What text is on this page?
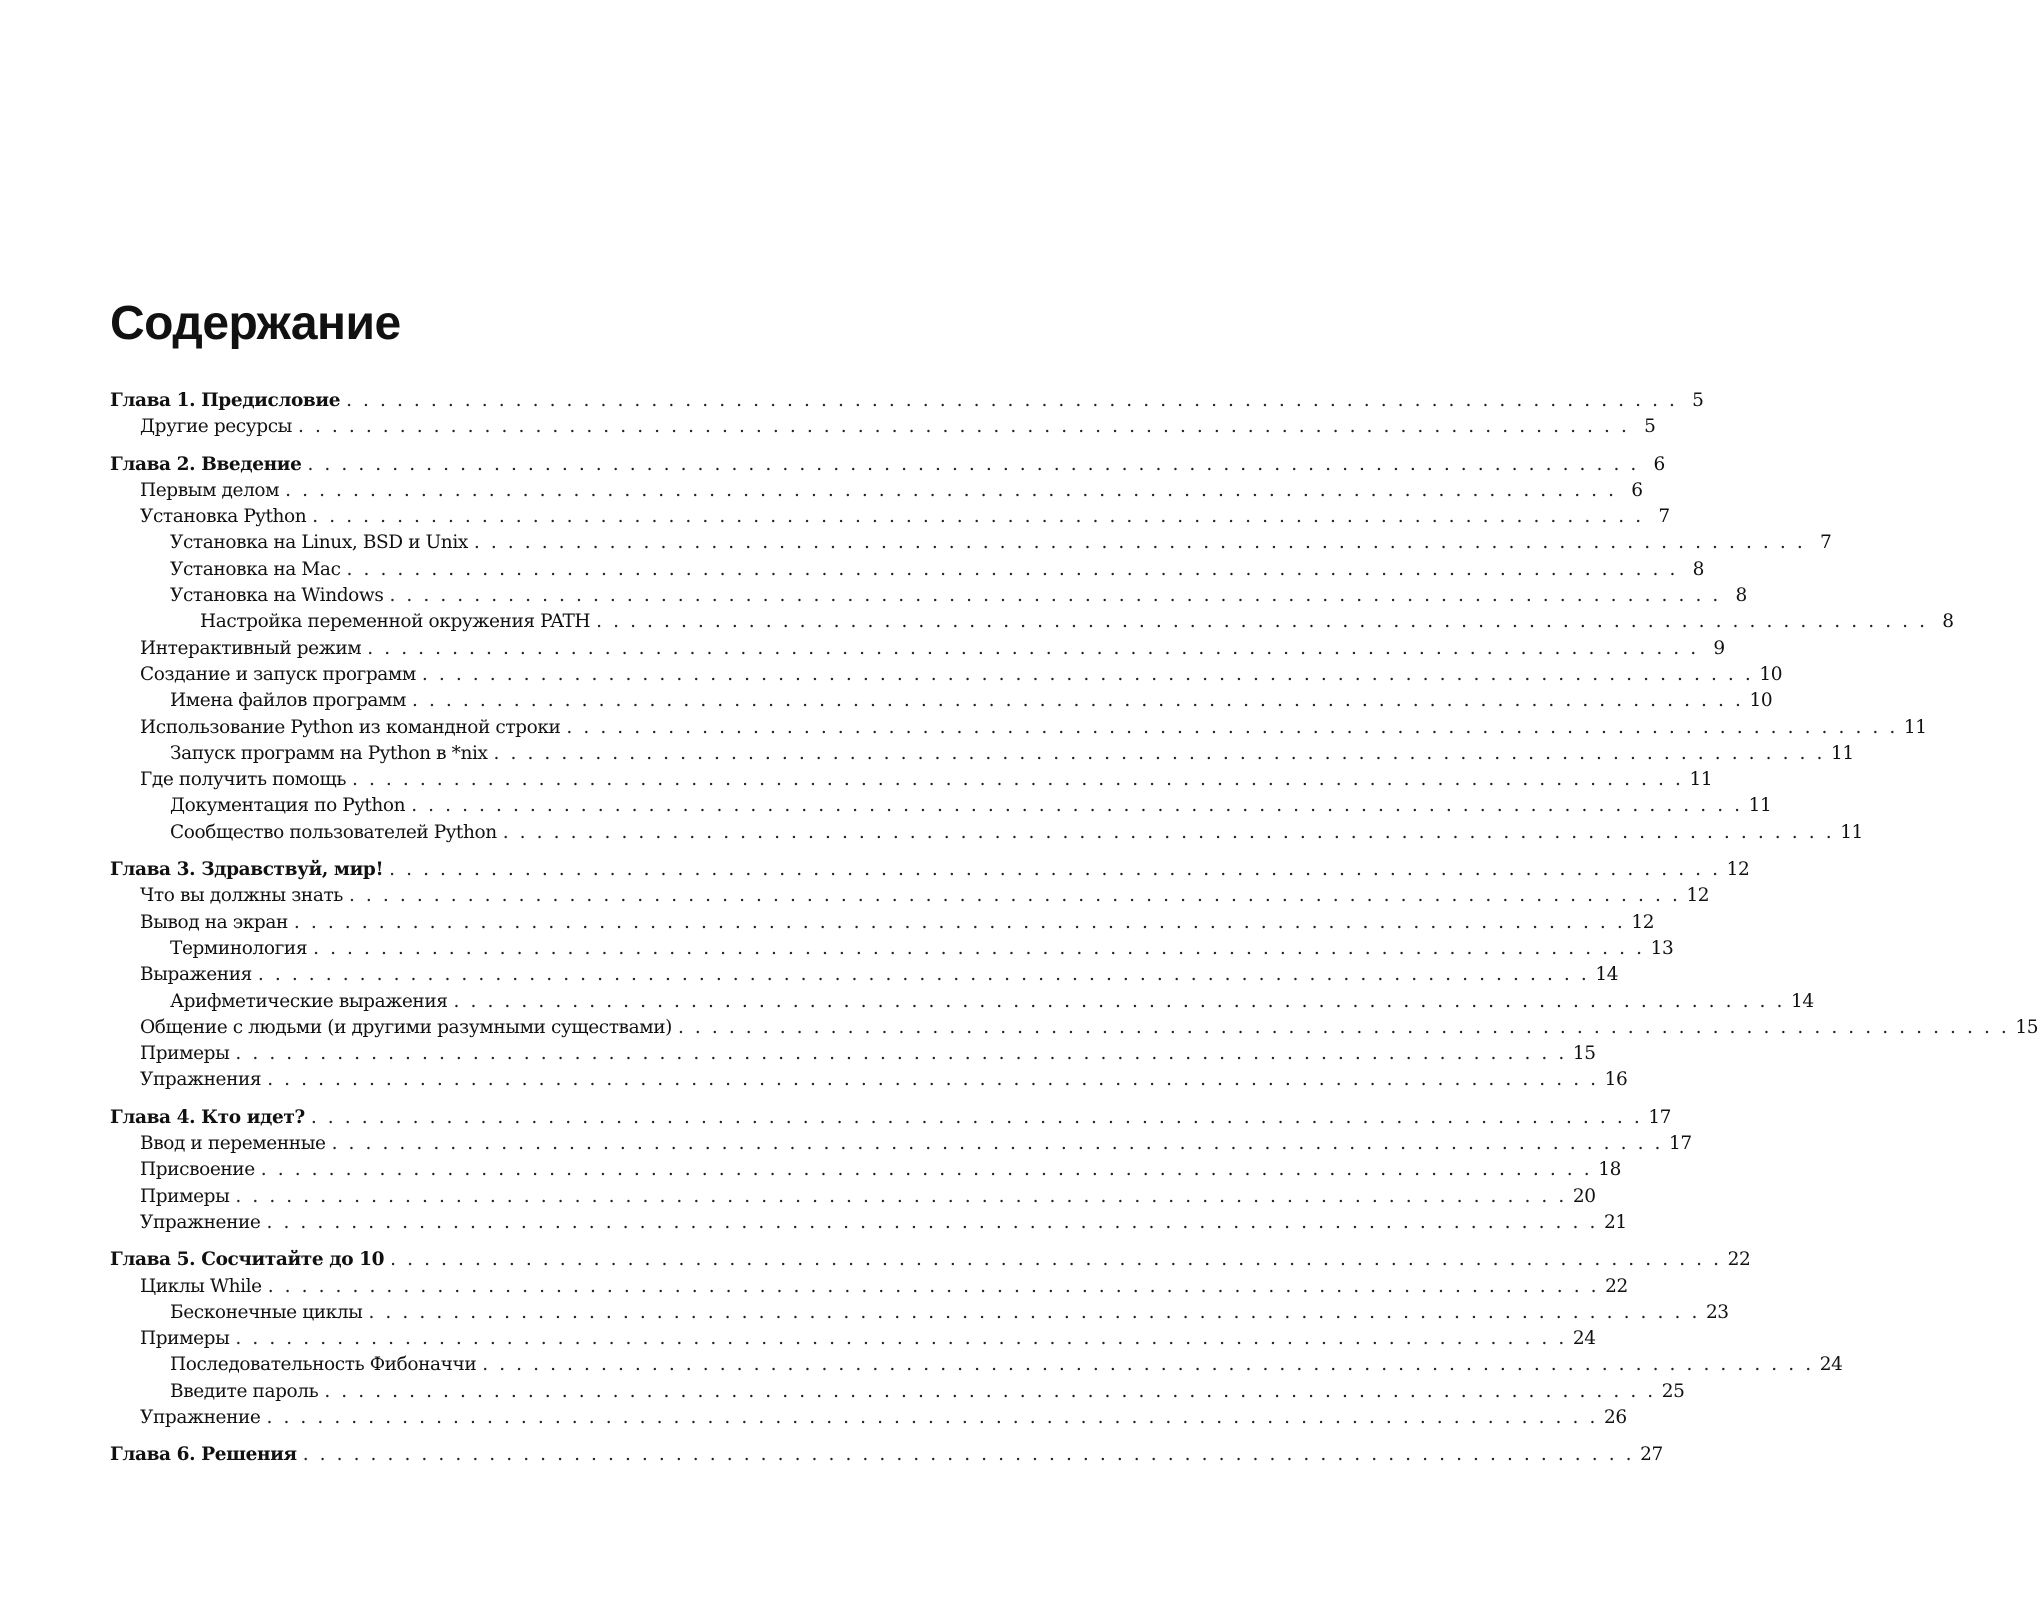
Содержание
Глава 1. Предисловие . . . . . . . . . . . . . . . . . . . . . . . . . . . . . . . . . . . . . . . . . . . . . . . . . . . . . . . . . . . . . . . . . . . . . . . . . . . . . . . 5
Другие ресурсы . . . . . . . . . . . . . . . . . . . . . . . . . . . . . . . . . . . . . . . . . . . . . . . . . . . . . . . . . . . . . . . . . . . . . . . . . . . . . . . 5
Глава 2. Введение . . . . . . . . . . . . . . . . . . . . . . . . . . . . . . . . . . . . . . . . . . . . . . . . . . . . . . . . . . . . . . . . . . . . . . . . . . . . . . . 6
Первым делом . . . . . . . . . . . . . . . . . . . . . . . . . . . . . . . . . . . . . . . . . . . . . . . . . . . . . . . . . . . . . . . . . . . . . . . . . . . . . . . 6
Установка Python . . . . . . . . . . . . . . . . . . . . . . . . . . . . . . . . . . . . . . . . . . . . . . . . . . . . . . . . . . . . . . . . . . . . . . . . . . . . . . . 7
Установка на Linux, BSD и Unix . . . . . . . . . . . . . . . . . . . . . . . . . . . . . . . . . . . . . . . . . . . . . . . . . . . . . . . . . . . . . . . . . . . . . . . . . . . . . . . 7
Установка на Mac . . . . . . . . . . . . . . . . . . . . . . . . . . . . . . . . . . . . . . . . . . . . . . . . . . . . . . . . . . . . . . . . . . . . . . . . . . . . . . . 8
Установка на Windows . . . . . . . . . . . . . . . . . . . . . . . . . . . . . . . . . . . . . . . . . . . . . . . . . . . . . . . . . . . . . . . . . . . . . . . . . . . . . . . 8
Настройка переменной окружения PATH . . . . . . . . . . . . . . . . . . . . . . . . . . . . . . . . . . . . . . . . . . . . . . . . . . . . . . . . . . . . . . . . . . . . . . . . . . . . . . . 8
Интерактивный режим . . . . . . . . . . . . . . . . . . . . . . . . . . . . . . . . . . . . . . . . . . . . . . . . . . . . . . . . . . . . . . . . . . . . . . . . . . . . . . . 9
Создание и запуск программ . . . . . . . . . . . . . . . . . . . . . . . . . . . . . . . . . . . . . . . . . . . . . . . . . . . . . . . . . . . . . . . . . . . . . . . . . . . . . . . 10
Имена файлов программ . . . . . . . . . . . . . . . . . . . . . . . . . . . . . . . . . . . . . . . . . . . . . . . . . . . . . . . . . . . . . . . . . . . . . . . . . . . . . . . 10
Использование Python из командной строки . . . . . . . . . . . . . . . . . . . . . . . . . . . . . . . . . . . . . . . . . . . . . . . . . . . . . . . . . . . . . . . . . . . . . . . . . . . . . . . 11
Запуск программ на Python в *nix . . . . . . . . . . . . . . . . . . . . . . . . . . . . . . . . . . . . . . . . . . . . . . . . . . . . . . . . . . . . . . . . . . . . . . . . . . . . . . . 11
Где получить помощь . . . . . . . . . . . . . . . . . . . . . . . . . . . . . . . . . . . . . . . . . . . . . . . . . . . . . . . . . . . . . . . . . . . . . . . . . . . . . . . 11
Документация по Python . . . . . . . . . . . . . . . . . . . . . . . . . . . . . . . . . . . . . . . . . . . . . . . . . . . . . . . . . . . . . . . . . . . . . . . . . . . . . . . 11
Сообщество пользователей Python . . . . . . . . . . . . . . . . . . . . . . . . . . . . . . . . . . . . . . . . . . . . . . . . . . . . . . . . . . . . . . . . . . . . . . . . . . . . . . . 11
Глава 3. Здравствуй, мир! . . . . . . . . . . . . . . . . . . . . . . . . . . . . . . . . . . . . . . . . . . . . . . . . . . . . . . . . . . . . . . . . . . . . . . . . . . . . . . . 12
Что вы должны знать . . . . . . . . . . . . . . . . . . . . . . . . . . . . . . . . . . . . . . . . . . . . . . . . . . . . . . . . . . . . . . . . . . . . . . . . . . . . . . . 12
Вывод на экран . . . . . . . . . . . . . . . . . . . . . . . . . . . . . . . . . . . . . . . . . . . . . . . . . . . . . . . . . . . . . . . . . . . . . . . . . . . . . . . 12
Терминология . . . . . . . . . . . . . . . . . . . . . . . . . . . . . . . . . . . . . . . . . . . . . . . . . . . . . . . . . . . . . . . . . . . . . . . . . . . . . . . 13
Выражения . . . . . . . . . . . . . . . . . . . . . . . . . . . . . . . . . . . . . . . . . . . . . . . . . . . . . . . . . . . . . . . . . . . . . . . . . . . . . . . 14
Арифметические выражения . . . . . . . . . . . . . . . . . . . . . . . . . . . . . . . . . . . . . . . . . . . . . . . . . . . . . . . . . . . . . . . . . . . . . . . . . . . . . . . 14
Общение с людьми (и другими разумными существами) . . . . . . . . . . . . . . . . . . . . . . . . . . . . . . . . . . . . . . . . . . . . . . . . . . . . . . . . . . . . . . . . . . . . . . . . . . . . . . . 15
Примеры . . . . . . . . . . . . . . . . . . . . . . . . . . . . . . . . . . . . . . . . . . . . . . . . . . . . . . . . . . . . . . . . . . . . . . . . . . . . . . . 15
Упражнения . . . . . . . . . . . . . . . . . . . . . . . . . . . . . . . . . . . . . . . . . . . . . . . . . . . . . . . . . . . . . . . . . . . . . . . . . . . . . . . 16
Глава 4. Кто идет? . . . . . . . . . . . . . . . . . . . . . . . . . . . . . . . . . . . . . . . . . . . . . . . . . . . . . . . . . . . . . . . . . . . . . . . . . . . . . . . 17
Ввод и переменные . . . . . . . . . . . . . . . . . . . . . . . . . . . . . . . . . . . . . . . . . . . . . . . . . . . . . . . . . . . . . . . . . . . . . . . . . . . . . . . 17
Присвоение . . . . . . . . . . . . . . . . . . . . . . . . . . . . . . . . . . . . . . . . . . . . . . . . . . . . . . . . . . . . . . . . . . . . . . . . . . . . . . . 18
Примеры . . . . . . . . . . . . . . . . . . . . . . . . . . . . . . . . . . . . . . . . . . . . . . . . . . . . . . . . . . . . . . . . . . . . . . . . . . . . . . . 20
Упражнение . . . . . . . . . . . . . . . . . . . . . . . . . . . . . . . . . . . . . . . . . . . . . . . . . . . . . . . . . . . . . . . . . . . . . . . . . . . . . . . 21
Глава 5. Сосчитайте до 10 . . . . . . . . . . . . . . . . . . . . . . . . . . . . . . . . . . . . . . . . . . . . . . . . . . . . . . . . . . . . . . . . . . . . . . . . . . . . . . . 22
Циклы While . . . . . . . . . . . . . . . . . . . . . . . . . . . . . . . . . . . . . . . . . . . . . . . . . . . . . . . . . . . . . . . . . . . . . . . . . . . . . . . 22
Бесконечные циклы . . . . . . . . . . . . . . . . . . . . . . . . . . . . . . . . . . . . . . . . . . . . . . . . . . . . . . . . . . . . . . . . . . . . . . . . . . . . . . . 23
Примеры . . . . . . . . . . . . . . . . . . . . . . . . . . . . . . . . . . . . . . . . . . . . . . . . . . . . . . . . . . . . . . . . . . . . . . . . . . . . . . . 24
Последовательность Фибоначчи . . . . . . . . . . . . . . . . . . . . . . . . . . . . . . . . . . . . . . . . . . . . . . . . . . . . . . . . . . . . . . . . . . . . . . . . . . . . . . . 24
Введите пароль . . . . . . . . . . . . . . . . . . . . . . . . . . . . . . . . . . . . . . . . . . . . . . . . . . . . . . . . . . . . . . . . . . . . . . . . . . . . . . . 25
Упражнение . . . . . . . . . . . . . . . . . . . . . . . . . . . . . . . . . . . . . . . . . . . . . . . . . . . . . . . . . . . . . . . . . . . . . . . . . . . . . . . 26
Глава 6. Решения . . . . . . . . . . . . . . . . . . . . . . . . . . . . . . . . . . . . . . . . . . . . . . . . . . . . . . . . . . . . . . . . . . . . . . . . . . . . . . . 27
